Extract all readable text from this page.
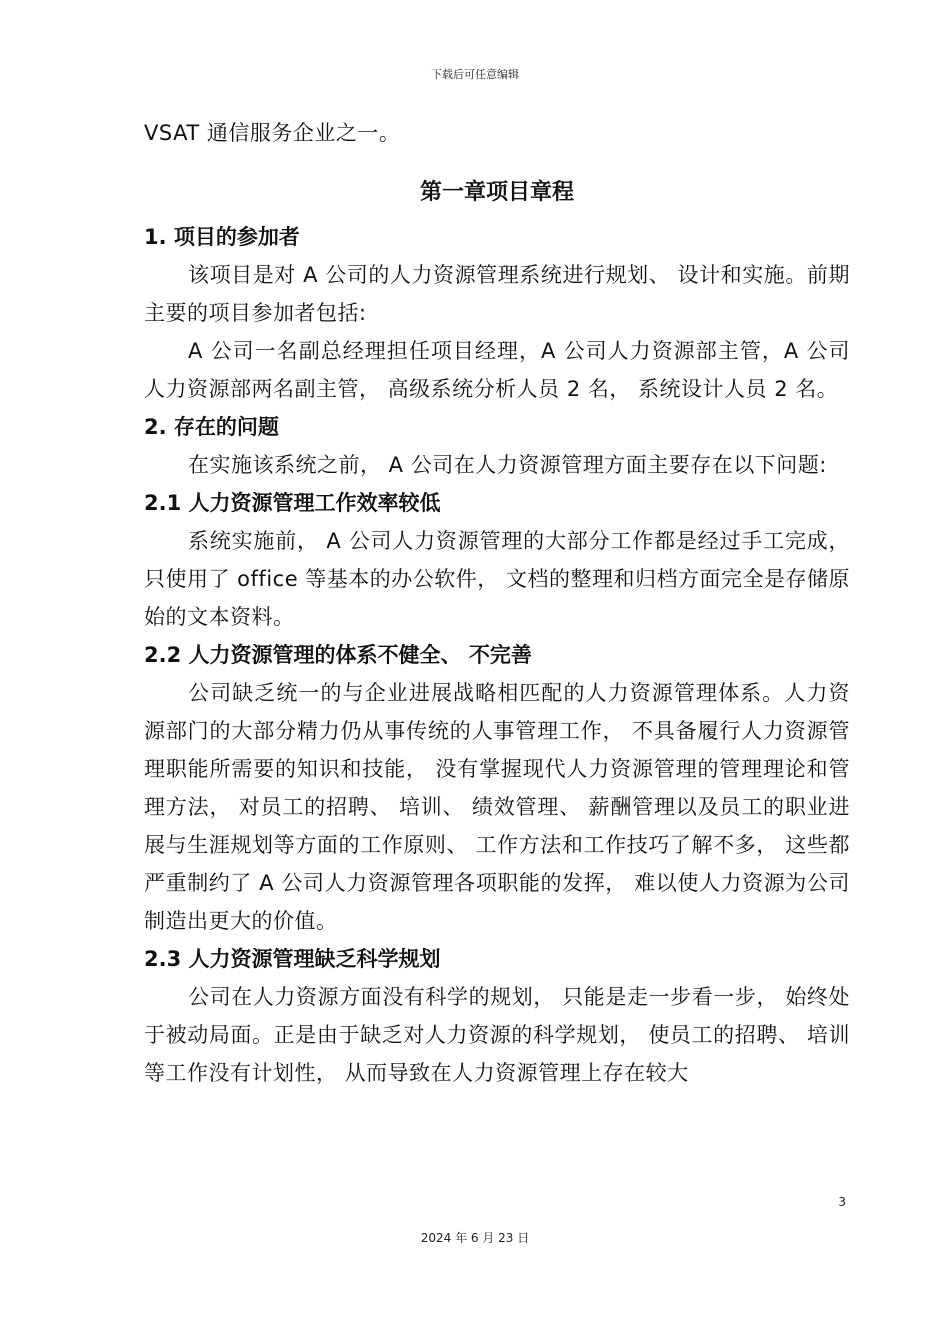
下载后可任意编辑

VSAT 通信服务企业之一。

第一章项目章程

1. 项目的参加者

该项目是对 A 公司的人力资源管理系统进行规划、 设计和实施。前期主要的项目参加者包括:

A 公司一名副总经理担任项目经理，A 公司人力资源部主管，A 公司人力资源部两名副主管， 高级系统分析人员 2 名， 系统设计人员 2 名。

2. 存在的问题

在实施该系统之前， A 公司在人力资源管理方面主要存在以下问题:

2.1 人力资源管理工作效率较低

系统实施前， A 公司人力资源管理的大部分工作都是经过手工完成， 只使用了 office 等基本的办公软件， 文档的整理和归档方面完全是存储原始的文本资料。

2.2 人力资源管理的体系不健全、 不完善

公司缺乏统一的与企业进展战略相匹配的人力资源管理体系。人力资源部门的大部分精力仍从事传统的人事管理工作， 不具备履行人力资源管理职能所需要的知识和技能， 没有掌握现代人力资源管理的管理理论和管理方法， 对员工的招聘、 培训、 绩效管理、 薪酬管理以及员工的职业进展与生涯规划等方面的工作原则、 工作方法和工作技巧了解不多， 这些都严重制约了 A 公司人力资源管理各项职能的发挥， 难以使人力资源为公司制造出更大的价值。

2.3 人力资源管理缺乏科学规划

公司在人力资源方面没有科学的规划， 只能是走一步看一步， 始终处于被动局面。正是由于缺乏对人力资源的科学规划， 使员工的招聘、 培训等工作没有计划性， 从而导致在人力资源管理上存在较大

3
2024 年 6 月 23 日
